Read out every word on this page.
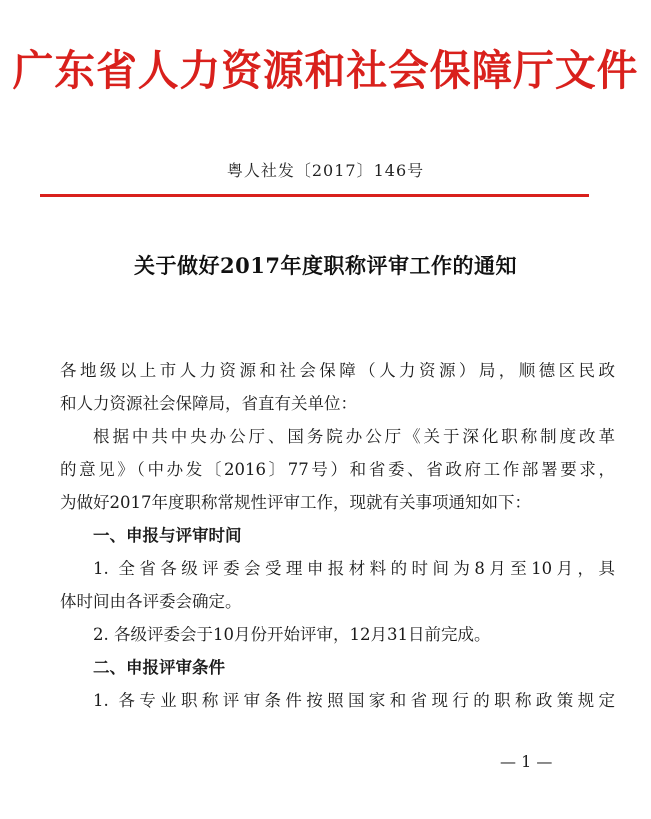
广东省人力资源和社会保障厅文件
粤人社发〔2017〕146号
关于做好2017年度职称评审工作的通知
各地级以上市人力资源和社会保障（人力资源）局，顺德区民政
和人力资源社会保障局，省直有关单位：
根据中共中央办公厅、国务院办公厅《关于深化职称制度改革
的意见》（中办发〔2016〕77号）和省委、省政府工作部署要求，
为做好2017年度职称常规性评审工作，现就有关事项通知如下：
一、申报与评审时间
1. 全省各级评委会受理申报材料的时间为8月至10月，具
体时间由各评委会确定。
2. 各级评委会于10月份开始评审，12月31日前完成。
二、申报评审条件
1. 各专业职称评审条件按照国家和省现行的职称政策规定
— 1 —
